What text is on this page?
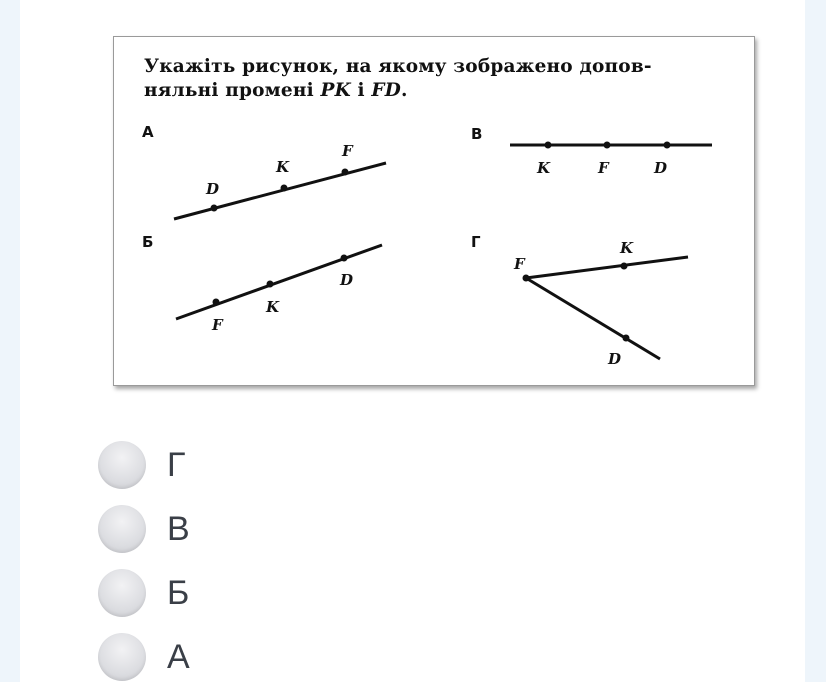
Укажіть рисунок, на якому зображено допов-
няльні промені PK і FD.
А
D
K
F
Б
F
K
D
В
K	F	D
Г
F
K
D
Г
В
Б
А
